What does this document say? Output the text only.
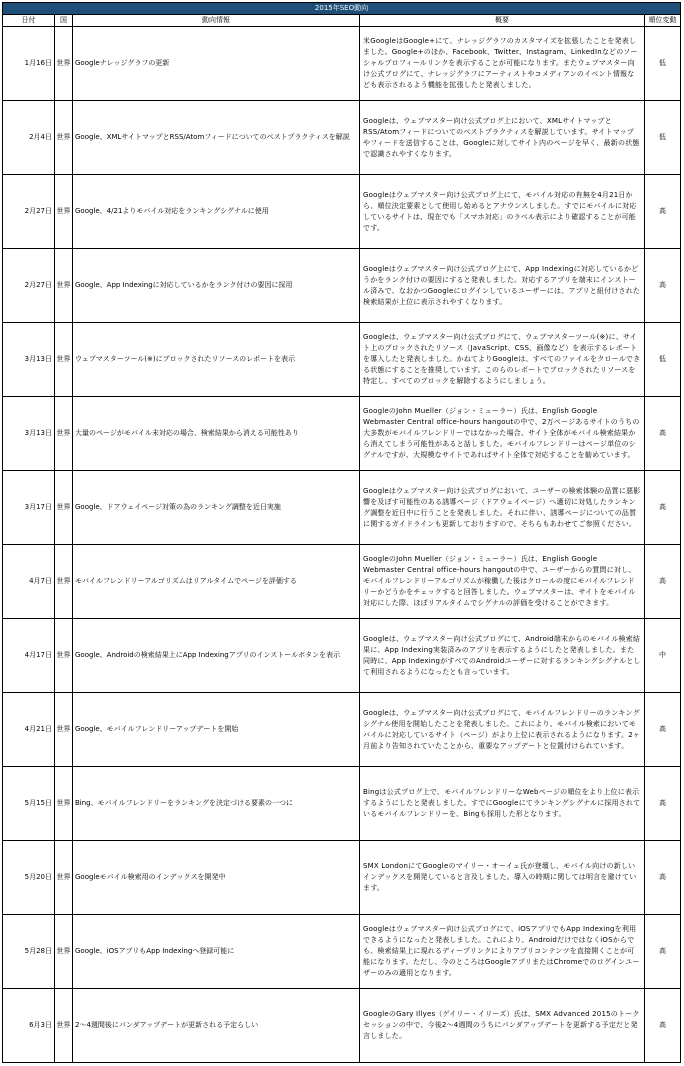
2015年SEO動向				
日付	国	動向情報	概要	順位変動
1月16日	世界	Googleナレッジグラフの更新	米GoogleはGoogle+にて、ナレッジグラフのカスタマイズを拡張したことを発表しました。Google+のほか、Facebook、Twitter、Instagram、LinkedInなどのソーシャルプロフィールリンクを表示することが可能になります。またウェブマスター向け公式ブログにて、ナレッジグラフにアーティストやコメディアンのイベント情報なども表示されるよう機能を拡張したと発表しました。	低
2月4日	世界	Google、XMLサイトマップとRSS/Atomフィードについてのベストプラクティスを解説	Googleは、ウェブマスター向け公式ブログ上において、XMLサイトマップとRSS/Atomフィードについてのベストプラクティスを解説しています。サイトマップやフィードを送信することは、Googleに対してサイト内のページを早く、最新の状態で認識されやすくなります。	低
2月27日	世界	Google、4/21よりモバイル対応をランキングシグナルに使用	Googleはウェブマスター向け公式ブログ上にて、モバイル対応の有無を4月21日から、順位決定要素として使用し始めるとアナウンスしました。すでにモバイルに対応しているサイトは、現在でも「スマホ対応」のラベル表示により確認することが可能です。	高
2月27日	世界	Google、App Indexingに対応しているかをランク付けの要因に採用	Googleはウェブマスター向け公式ブログ上にて、App Indexingに対応しているかどうかをランク付けの要因にすると発表しました。対応するアプリを端末にインストール済みで、なおかつGoogleにログインしているユーザーには、アプリと紐付けされた検索結果が上位に表示されやすくなります。	高
3月13日	世界	ウェブマスターツール(※)にブロックされたリソースのレポートを表示	Googleは、ウェブマスター向け公式ブログにて、ウェブマスターツール(※)に、サイト上のブロックされたリソース（JavaScript、CSS、画像など）を表示するレポートを導入したと発表しました。かねてよりGoogleは、すべてのファイルをクロールできる状態にすることを推奨しています。このらのレポートでブロックされたリソースを特定し、すべてのブロックを解除するようにしましょう。	低
3月13日	世界	大量のページがモバイル未対応の場合、検索結果から消える可能性あり	GoogleのJohn Mueller（ジョン・ミューラー）氏は、English Google Webmaster Central office-hours hangoutの中で、2万ページあるサイトのうちの大多数がモバイルフレンドリーではなかった場合、サイト全体がモバイル検索結果から消えてしまう可能性があると話しました。モバイルフレンドリーはページ単位のシグナルですが、大規模なサイトであればサイト全体で対応することを勧めています。	高
3月17日	世界	Google、ドアウェイページ対策の為のランキング調整を近日実施	Googleはウェブマスター向け公式ブログにおいて、ユーザーの検索体験の品質に悪影響を及ぼす可能性のある誘導ページ（ドアウェイページ）へ適切に対処したランキング調整を近日中に行うことを発表しました。それに伴い、誘導ページについての品質に関するガイドラインも更新しておりますので、そちらもあわせてご参照ください。	高
4月7日	世界	モバイルフレンドリーアルゴリズムはリアルタイムでページを評価する	GoogleのJohn Mueller（ジョン・ミューラー）氏は、English Google Webmaster Central office-hours hangoutの中で、ユーザーからの質問に対し、モバイルフレンドリーアルゴリズムが稼働した後はクロールの度にモバイルフレンドリーかどうかをチェックすると回答しました。ウェブマスターは、サイトをモバイル対応にした際、ほぼリアルタイムでシグナルの評価を受けることができます。	高
4月17日	世界	Google、Androidの検索結果上にApp Indexingアプリのインストールボタンを表示	Googleは、ウェブマスター向け公式ブログにて、Android端末からのモバイル検索結果に、App Indexing実装済みのアプリを表示するようにしたと発表しました。また同時に、App IndexingがすべてのAndroidユーザーに対するランキングシグナルとして利用されるようになったとも言っています。	中
4月21日	世界	Google、モバイルフレンドリーアップデートを開始	Googleは、ウェブマスター向け公式ブログにて、モバイルフレンドリーのランキングシグナル使用を開始したことを発表しました。これにより、モバイル検索においてモバイルに対応しているサイト（ページ）がより上位に表示されるようになります。2ヶ月前より告知されていたことから、重要なアップデートと位置付けられています。	高
5月15日	世界	Bing、モバイルフレンドリーをランキングを決定づける要素の一つに	Bingは公式ブログ上で、モバイルフレンドリーなWebページの順位をより上位に表示するようにしたと発表しました。すでにGoogleにてランキングシグナルに採用されているモバイルフレンドリーを、Bingも採用した形となります。	高
5月20日	世界	Googleモバイル検索用のインデックスを開発中	SMX LondonにてGoogleのマイリー・オーイェ氏が登壇し、モバイル向けの新しいインデックスを開発していると言及しました。導入の時期に関しては明言を避けています。	高
5月28日	世界	Google、iOSアプリもApp Indexingへ登録可能に	Googleはウェブマスター向け公式ブログにて、iOSアプリでもApp Indexingを利用できるようになったと発表しました。これにより、AndroidだけではなくiOSからでも、検索結果上に現れるディープリンクによりアプリコンテンツを直接開くことが可能になります。ただし、今のところはGoogleアプリまたはChromeでのログインユーザーのみの適用となります。	高
6月3日	世界	2～4週間後にパンダアップデートが更新される予定らしい	GoogleのGary Illyes（ゲイリー・イリーズ）氏は、SMX Advanced 2015のトークセッションの中で、今後2～4週間のうちにパンダアップデートを更新する予定だと発言しました。	高
